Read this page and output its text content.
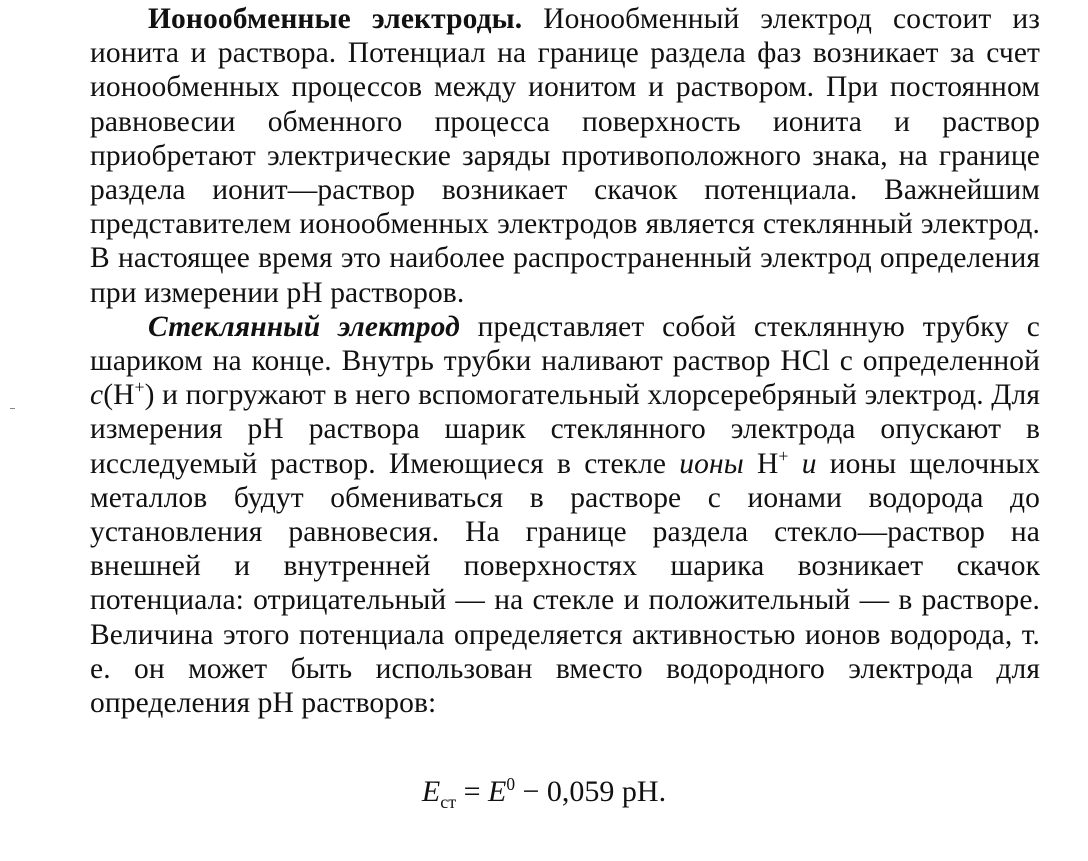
Ионообменные электроды. Ионообменный электрод состоит из ионита и раствора. Потенциал на границе раздела фаз возникает за счет ионообменных процессов между ионитом и раствором. При постоянном равновесии обменного процесса поверхность ионита и раствор приобретают электрические заряды противоположного знака, на границе раздела ионит—раствор возникает скачок потенциала. Важнейшим представителем ионообменных электродов является стеклянный электрод. В настоящее время это наиболее распространенный электрод определения при измерении рН растворов.

Стеклянный электрод представляет собой стеклянную трубку с шариком на конце. Внутрь трубки наливают раствор HCl с определенной c(H+) и погружают в него вспомогательный хлорсеребряный электрод. Для измерения рН раствора шарик стеклянного электрода опускают в исследуемый раствор. Имеющиеся в стекле ионы H+ и ионы щелочных металлов будут обмениваться в растворе с ионами водорода до установления равновесия. На границе раздела стекло—раствор на внешней и внутренней поверхностях шарика возникает скачок потенциала: отрицательный — на стекле и положительный — в растворе. Величина этого потенциала определяется активностью ионов водорода, т. е. он может быть использован вместо водородного электрода для определения рН растворов:

$E_{ст} = E^0 - 0,059$ pH.
